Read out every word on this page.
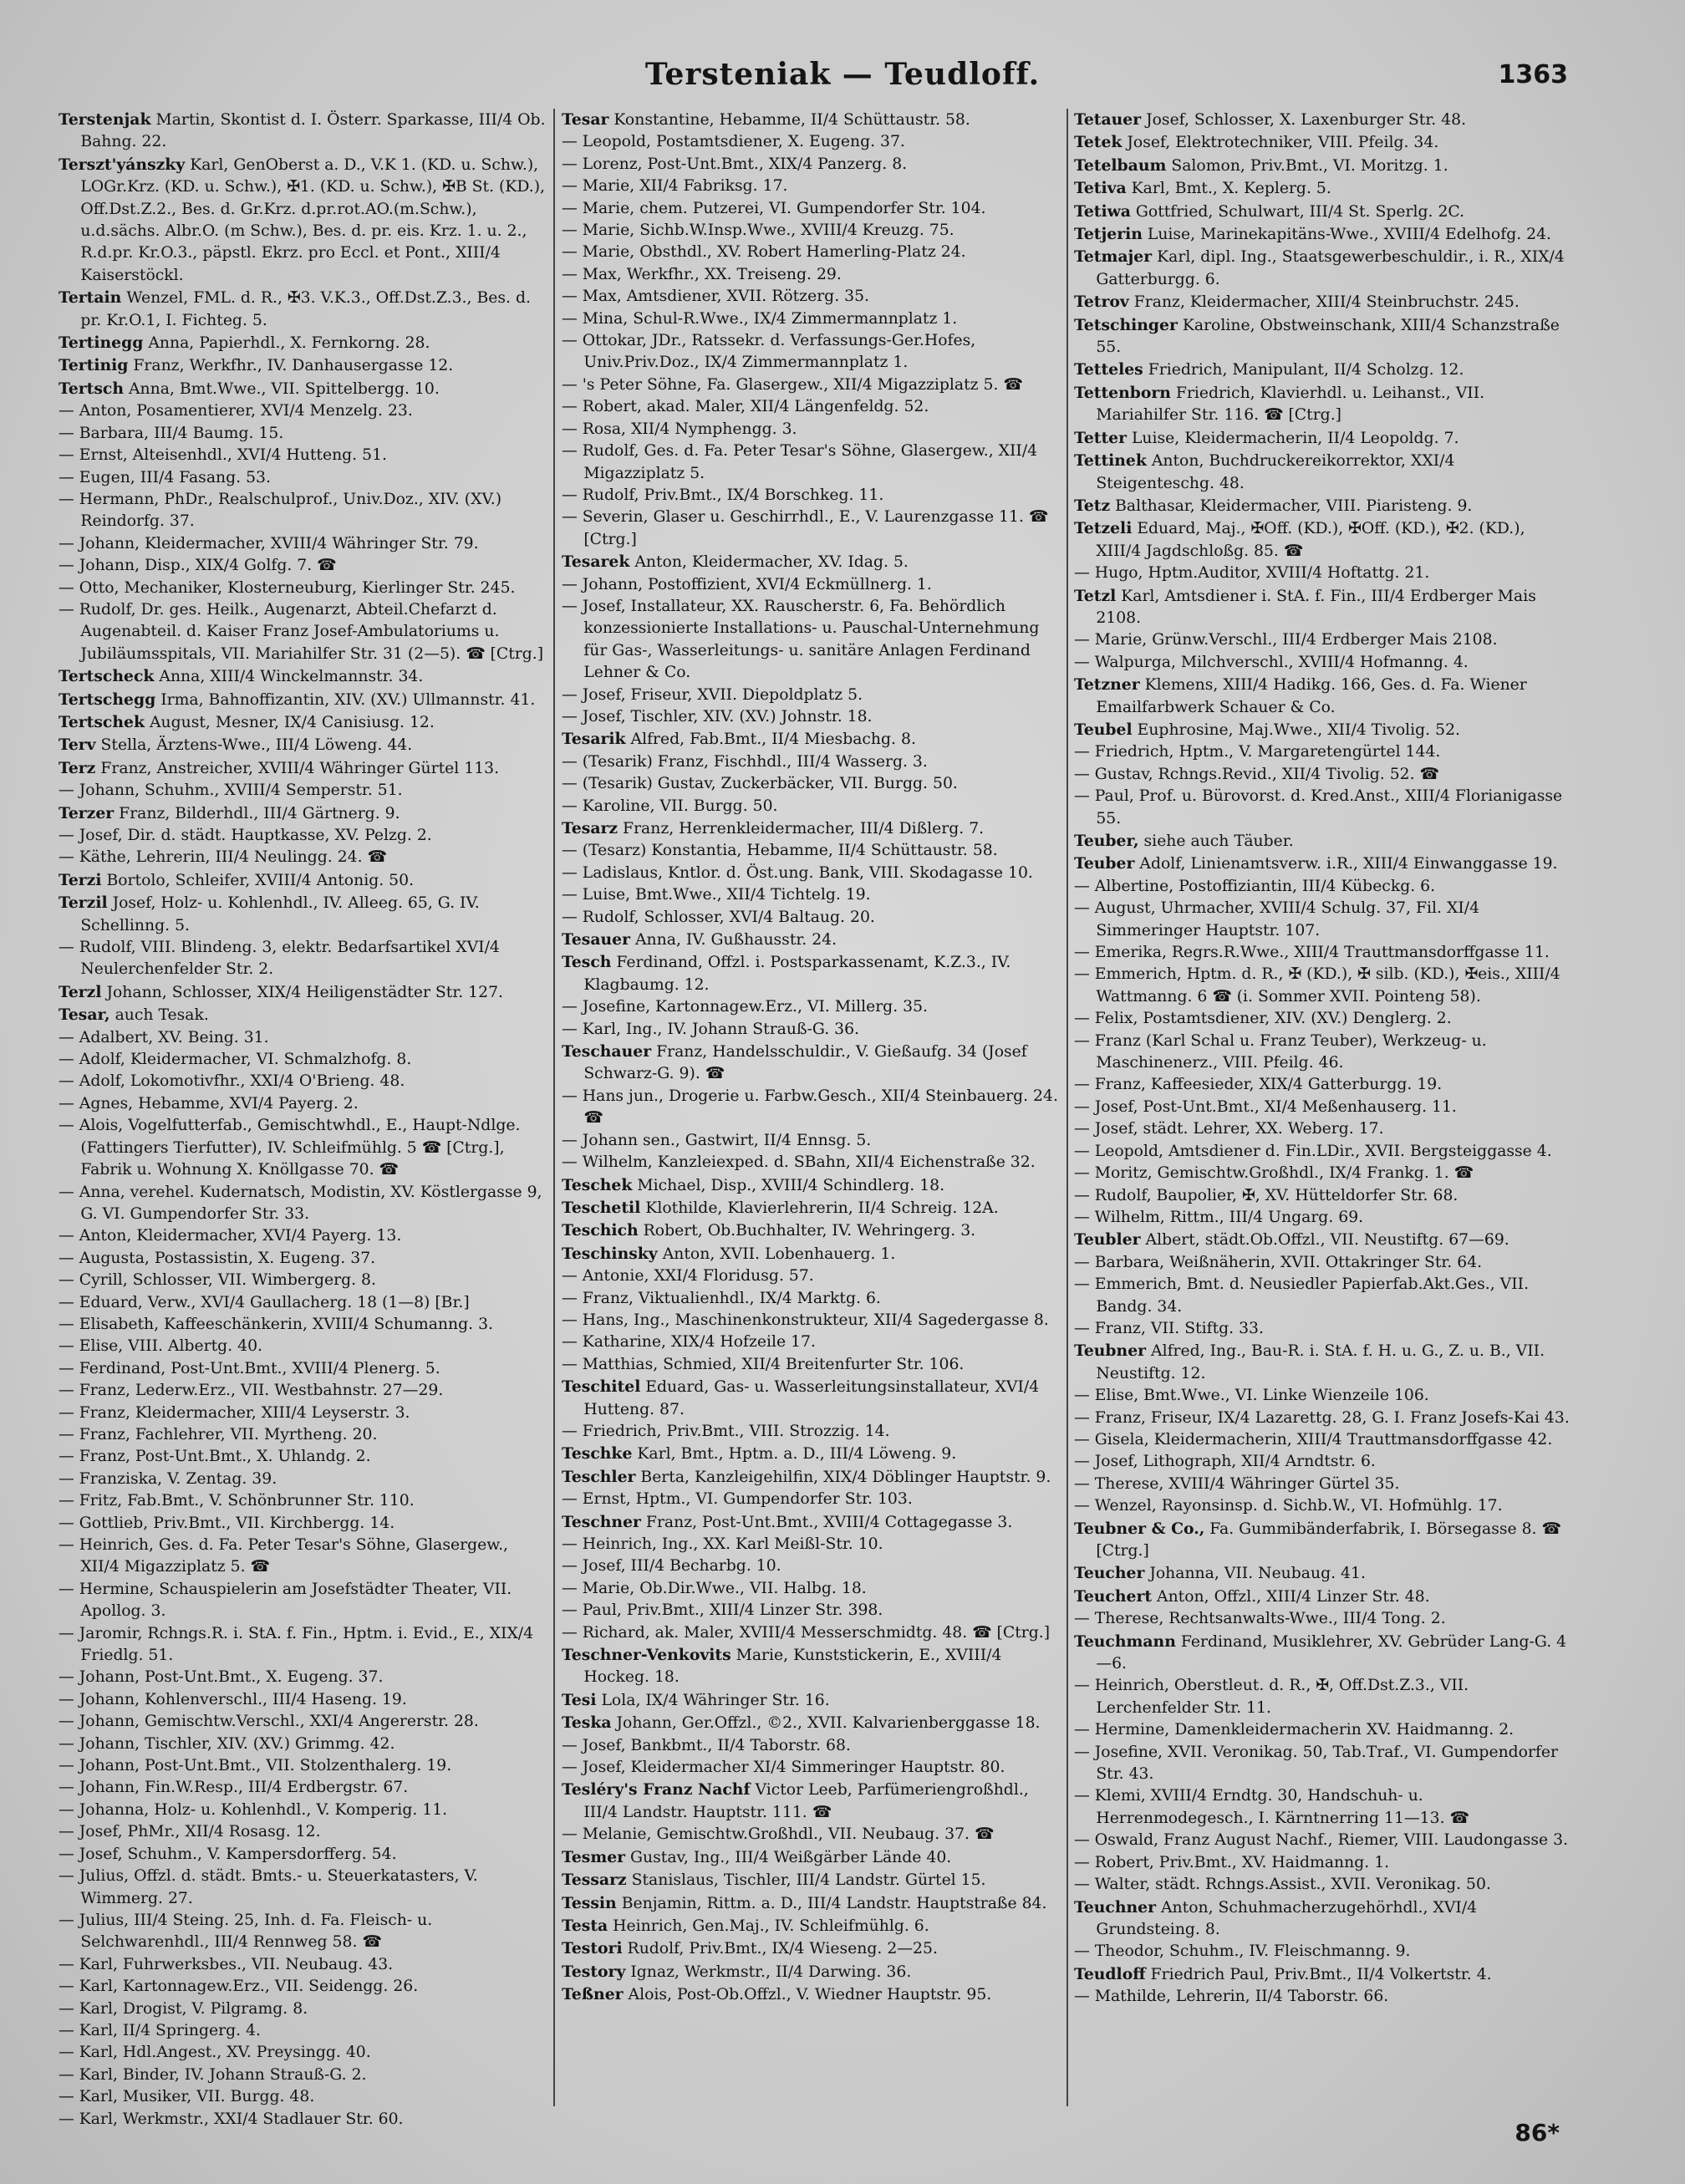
Tersteniak — Teudloff.	1363
Terstenjak Martin, Skontist d. I. Österr. Sparkasse, III/4 Ob. Bahng. 22.
Terszt'yánszky Karl, GenOberst a. D., V.K 1. (KD. u. Schw.), LOGr.Krz. (KD. u. Schw.), ✠1. (KD. u. Schw.), ✠B St. (KD.), Off.Dst.Z.2., Bes. d. Gr.Krz. d.pr.rot.AO.(m.Schw.), u.d.sächs. Albr.O. (m Schw.), Bes. d. pr. eis. Krz. 1. u. 2., R.d.pr. Kr.O.3., päpstl. Ekrz. pro Eccl. et Pont., XIII/4 Kaiserstöckl.
Tertain Wenzel, FML. d. R., ✠3. V.K.3., Off.Dst.Z.3., Bes. d. pr. Kr.O.1, I. Fichteg. 5.
Tertinegg Anna, Papierhdl., X. Fernkorng. 28.
Tertinig Franz, Werkfhr., IV. Danhausergasse 12.
Tertsch Anna, Bmt.Wwe., VII. Spittelbergg. 10.
— Anton, Posamentierer, XVI/4 Menzelg. 23.
— Barbara, III/4 Baumg. 15.
— Ernst, Alteisenhdl., XVI/4 Hutteng. 51.
— Eugen, III/4 Fasang. 53.
— Hermann, PhDr., Realschulprof., Univ.Doz., XIV. (XV.) Reindorfg. 37.
— Johann, Kleidermacher, XVIII/4 Währinger Str. 79.
— Johann, Disp., XIX/4 Golfg. 7. ☎
— Otto, Mechaniker, Klosterneuburg, Kierlinger Str. 245.
— Rudolf, Dr. ges. Heilk., Augenarzt, Abteil.Chefarzt d. Augenabteil. d. Kaiser Franz Josef-Ambulatoriums u. Jubiläumsspitals, VII. Mariahilfer Str. 31 (2—5). ☎ [Ctrg.]
Tertscheck Anna, XIII/4 Winckelmannstr. 34.
Tertschegg Irma, Bahnoffizantin, XIV. (XV.) Ullmannstr. 41.
Tertschek August, Mesner, IX/4 Canisiusg. 12.
Terv Stella, Ärztens-Wwe., III/4 Löweng. 44.
Terz Franz, Anstreicher, XVIII/4 Währinger Gürtel 113.
— Johann, Schuhm., XVIII/4 Semperstr. 51.
Terzer Franz, Bilderhdl., III/4 Gärtnerg. 9.
— Josef, Dir. d. städt. Hauptkasse, XV. Pelzg. 2.
— Käthe, Lehrerin, III/4 Neulingg. 24. ☎
Terzi Bortolo, Schleifer, XVIII/4 Antonig. 50.
Terzil Josef, Holz- u. Kohlenhdl., IV. Alleeg. 65, G. IV. Schellinng. 5.
— Rudolf, VIII. Blindeng. 3, elektr. Bedarfsartikel XVI/4 Neulerchenfelder Str. 2.
Terzl Johann, Schlosser, XIX/4 Heiligenstädter Str. 127.
Tesar, auch Tesak.
— Adalbert, XV. Being. 31.
— Adolf, Kleidermacher, VI. Schmalzhofg. 8.
— Adolf, Lokomotivfhr., XXI/4 O'Brieng. 48.
— Agnes, Hebamme, XVI/4 Payerg. 2.
— Alois, Vogelfutterfab., Gemischtwhdl., E., Haupt-Ndlge. (Fattingers Tierfutter), IV. Schleifmühlg. 5 ☎ [Ctrg.], Fabrik u. Wohnung X. Knöllgasse 70. ☎
— Anna, verehel. Kudernatsch, Modistin, XV. Köstlergasse 9, G. VI. Gumpendorfer Str. 33.
— Anton, Kleidermacher, XVI/4 Payerg. 13.
— Augusta, Postassistin, X. Eugeng. 37.
— Cyrill, Schlosser, VII. Wimbergerg. 8.
— Eduard, Verw., XVI/4 Gaullacherg. 18 (1—8) [Br.]
— Elisabeth, Kaffeeschänkerin, XVIII/4 Schumanng. 3.
— Elise, VIII. Albertg. 40.
— Ferdinand, Post-Unt.Bmt., XVIII/4 Plenerg. 5.
— Franz, Lederw.Erz., VII. Westbahnstr. 27—29.
— Franz, Kleidermacher, XIII/4 Leyserstr. 3.
— Franz, Fachlehrer, VII. Myrtheng. 20.
— Franz, Post-Unt.Bmt., X. Uhlandg. 2.
— Franziska, V. Zentag. 39.
— Fritz, Fab.Bmt., V. Schönbrunner Str. 110.
— Gottlieb, Priv.Bmt., VII. Kirchbergg. 14.
— Heinrich, Ges. d. Fa. Peter Tesar's Söhne, Glasergew., XII/4 Migazziplatz 5. ☎
— Hermine, Schauspielerin am Josefstädter Theater, VII. Apollog. 3.
— Jaromir, Rchngs.R. i. StA. f. Fin., Hptm. i. Evid., E., XIX/4 Friedlg. 51.
— Johann, Post-Unt.Bmt., X. Eugeng. 37.
— Johann, Kohlenverschl., III/4 Haseng. 19.
— Johann, Gemischtw.Verschl., XXI/4 Angererstr. 28.
— Johann, Tischler, XIV. (XV.) Grimmg. 42.
— Johann, Post-Unt.Bmt., VII. Stolzenthalerg. 19.
— Johann, Fin.W.Resp., III/4 Erdbergstr. 67.
— Johanna, Holz- u. Kohlenhdl., V. Komperig. 11.
— Josef, PhMr., XII/4 Rosasg. 12.
— Josef, Schuhm., V. Kampersdorfferg. 54.
— Julius, Offzl. d. städt. Bmts.- u. Steuerkatasters, V. Wimmerg. 27.
— Julius, III/4 Steing. 25, Inh. d. Fa. Fleisch- u. Selchwarenhdl., III/4 Rennweg 58. ☎
— Karl, Fuhrwerksbes., VII. Neubaug. 43.
— Karl, Kartonnagew.Erz., VII. Seidengg. 26.
— Karl, Drogist, V. Pilgramg. 8.
— Karl, II/4 Springerg. 4.
— Karl, Hdl.Angest., XV. Preysingg. 40.
— Karl, Binder, IV. Johann Strauß-G. 2.
— Karl, Musiker, VII. Burgg. 48.
— Karl, Werkmstr., XXI/4 Stadlauer Str. 60.
Tesar Konstantine, Hebamme, II/4 Schüttaustr. 58.
— Leopold, Postamtsdiener, X. Eugeng. 37.
— Lorenz, Post-Unt.Bmt., XIX/4 Panzerg. 8.
— Marie, XII/4 Fabriksg. 17.
— Marie, chem. Putzerei, VI. Gumpendorfer Str. 104.
— Marie, Sichb.W.Insp.Wwe., XVIII/4 Kreuzg. 75.
— Marie, Obsthdl., XV. Robert Hamerling-Platz 24.
— Max, Werkfhr., XX. Treiseng. 29.
— Max, Amtsdiener, XVII. Rötzerg. 35.
— Mina, Schul-R.Wwe., IX/4 Zimmermannplatz 1.
— Ottokar, JDr., Ratssekr. d. Verfassungs-Ger.Hofes, Univ.Priv.Doz., IX/4 Zimmermannplatz 1.
— 's Peter Söhne, Fa. Glasergew., XII/4 Migazziplatz 5. ☎
— Robert, akad. Maler, XII/4 Längenfeldg. 52.
— Rosa, XII/4 Nymphengg. 3.
— Rudolf, Ges. d. Fa. Peter Tesar's Söhne, Glasergew., XII/4 Migazziplatz 5.
— Rudolf, Priv.Bmt., IX/4 Borschkeg. 11.
— Severin, Glaser u. Geschirrhdl., E., V. Laurenzgasse 11. ☎ [Ctrg.]
Tesarek Anton, Kleidermacher, XV. Idag. 5.
— Johann, Postoffizient, XVI/4 Eckmüllnerg. 1.
— Josef, Installateur, XX. Rauscherstr. 6, Fa. Behördlich konzessionierte Installations- u. Pauschal-Unternehmung für Gas-, Wasserleitungs- u. sanitäre Anlagen Ferdinand Lehner & Co.
— Josef, Friseur, XVII. Diepoldplatz 5.
— Josef, Tischler, XIV. (XV.) Johnstr. 18.
Tesarik Alfred, Fab.Bmt., II/4 Miesbachg. 8.
— (Tesarik) Franz, Fischhdl., III/4 Wasserg. 3.
— (Tesarik) Gustav, Zuckerbäcker, VII. Burgg. 50.
— Karoline, VII. Burgg. 50.
Tesarz Franz, Herrenkleidermacher, III/4 Dißlerg. 7.
— (Tesarz) Konstantia, Hebamme, II/4 Schüttaustr. 58.
— Ladislaus, Kntlor. d. Öst.ung. Bank, VIII. Skodagasse 10.
— Luise, Bmt.Wwe., XII/4 Tichtelg. 19.
— Rudolf, Schlosser, XVI/4 Baltaug. 20.
Tesauer Anna, IV. Gußhausstr. 24.
Tesch Ferdinand, Offzl. i. Postsparkassenamt, K.Z.3., IV. Klagbaumg. 12.
— Josefine, Kartonnagew.Erz., VI. Millerg. 35.
— Karl, Ing., IV. Johann Strauß-G. 36.
Teschauer Franz, Handelsschuldir., V. Gießaufg. 34 (Josef Schwarz-G. 9). ☎
— Hans jun., Drogerie u. Farbw.Gesch., XII/4 Steinbauerg. 24. ☎
— Johann sen., Gastwirt, II/4 Ennsg. 5.
— Wilhelm, Kanzleiexped. d. SBahn, XII/4 Eichenstraße 32.
Teschek Michael, Disp., XVIII/4 Schindlerg. 18.
Teschetil Klothilde, Klavierlehrerin, II/4 Schreig. 12A.
Teschich Robert, Ob.Buchhalter, IV. Wehringerg. 3.
Teschinsky Anton, XVII. Lobenhauerg. 1.
— Antonie, XXI/4 Floridusg. 57.
— Franz, Viktualienhdl., IX/4 Marktg. 6.
— Hans, Ing., Maschinenkonstrukteur, XII/4 Sagedergasse 8.
— Katharine, XIX/4 Hofzeile 17.
— Matthias, Schmied, XII/4 Breitenfurter Str. 106.
Teschitel Eduard, Gas- u. Wasserleitungsinstallateur, XVI/4 Hutteng. 87.
— Friedrich, Priv.Bmt., VIII. Strozzig. 14.
Teschke Karl, Bmt., Hptm. a. D., III/4 Löweng. 9.
Teschler Berta, Kanzleigehilfin, XIX/4 Döblinger Hauptstr. 9.
— Ernst, Hptm., VI. Gumpendorfer Str. 103.
Teschner Franz, Post-Unt.Bmt., XVIII/4 Cottagegasse 3.
— Heinrich, Ing., XX. Karl Meißl-Str. 10.
— Josef, III/4 Becharbg. 10.
— Marie, Ob.Dir.Wwe., VII. Halbg. 18.
— Paul, Priv.Bmt., XIII/4 Linzer Str. 398.
— Richard, ak. Maler, XVIII/4 Messerschmidtg. 48. ☎ [Ctrg.]
Teschner-Venkovits Marie, Kunststickerin, E., XVIII/4 Hockeg. 18.
Tesi Lola, IX/4 Währinger Str. 16.
Teska Johann, Ger.Offzl., ©2., XVII. Kalvarienberggasse 18.
— Josef, Bankbmt., II/4 Taborstr. 68.
— Josef, Kleidermacher XI/4 Simmeringer Hauptstr. 80.
Tesléry's Franz Nachf Victor Leeb, Parfümeriengroßhdl., III/4 Landstr. Hauptstr. 111. ☎
— Melanie, Gemischtw.Großhdl., VII. Neubaug. 37. ☎
Tesmer Gustav, Ing., III/4 Weißgärber Lände 40.
Tessarz Stanislaus, Tischler, III/4 Landstr. Gürtel 15.
Tessin Benjamin, Rittm. a. D., III/4 Landstr. Hauptstraße 84.
Testa Heinrich, Gen.Maj., IV. Schleifmühlg. 6.
Testori Rudolf, Priv.Bmt., IX/4 Wieseng. 2—25.
Testory Ignaz, Werkmstr., II/4 Darwing. 36.
Teßner Alois, Post-Ob.Offzl., V. Wiedner Hauptstr. 95.
Tetauer Josef, Schlosser, X. Laxenburger Str. 48.
Tetek Josef, Elektrotechniker, VIII. Pfeilg. 34.
Tetelbaum Salomon, Priv.Bmt., VI. Moritzg. 1.
Tetiva Karl, Bmt., X. Keplerg. 5.
Tetiwa Gottfried, Schulwart, III/4 St. Sperlg. 2C.
Tetjerin Luise, Marinekapitäns-Wwe., XVIII/4 Edelhofg. 24.
Tetmajer Karl, dipl. Ing., Staatsgewerbeschuldir., i. R., XIX/4 Gatterburgg. 6.
Tetrov Franz, Kleidermacher, XIII/4 Steinbruchstr. 245.
Tetschinger Karoline, Obstweinschank, XIII/4 Schanzstraße 55.
Tetteles Friedrich, Manipulant, II/4 Scholzg. 12.
Tettenborn Friedrich, Klavierhdl. u. Leihanst., VII. Mariahilfer Str. 116. ☎ [Ctrg.]
Tetter Luise, Kleidermacherin, II/4 Leopoldg. 7.
Tettinek Anton, Buchdruckereikorrektor, XXI/4 Steigenteschg. 48.
Tetz Balthasar, Kleidermacher, VIII. Piaristeng. 9.
Tetzeli Eduard, Maj., ✠Off. (KD.), ✠Off. (KD.), ✠2. (KD.), XIII/4 Jagdschloßg. 85. ☎
— Hugo, Hptm.Auditor, XVIII/4 Hoftattg. 21.
Tetzl Karl, Amtsdiener i. StA. f. Fin., III/4 Erdberger Mais 2108.
— Marie, Grünw.Verschl., III/4 Erdberger Mais 2108.
— Walpurga, Milchverschl., XVIII/4 Hofmanng. 4.
Tetzner Klemens, XIII/4 Hadikg. 166, Ges. d. Fa. Wiener Emailfarbwerk Schauer & Co.
Teubel Euphrosine, Maj.Wwe., XII/4 Tivolig. 52.
— Friedrich, Hptm., V. Margaretengürtel 144.
— Gustav, Rchngs.Revid., XII/4 Tivolig. 52. ☎
— Paul, Prof. u. Bürovorst. d. Kred.Anst., XIII/4 Florianigasse 55.
Teuber, siehe auch Täuber.
Teuber Adolf, Linienamtsverw. i.R., XIII/4 Einwanggasse 19.
— Albertine, Postoffiziantin, III/4 Kübeckg. 6.
— August, Uhrmacher, XVIII/4 Schulg. 37, Fil. XI/4 Simmeringer Hauptstr. 107.
— Emerika, Regrs.R.Wwe., XIII/4 Trauttmansdorffgasse 11.
— Emmerich, Hptm. d. R., ✠ (KD.), ✠ silb. (KD.), ✠eis., XIII/4 Wattmanng. 6 ☎ (i. Sommer XVII. Pointeng 58).
— Felix, Postamtsdiener, XIV. (XV.) Denglerg. 2.
— Franz (Karl Schal u. Franz Teuber), Werkzeug- u. Maschinenerz., VIII. Pfeilg. 46.
— Franz, Kaffeesieder, XIX/4 Gatterburgg. 19.
— Josef, Post-Unt.Bmt., XI/4 Meßenhauserg. 11.
— Josef, städt. Lehrer, XX. Weberg. 17.
— Leopold, Amtsdiener d. Fin.LDir., XVII. Bergsteiggasse 4.
— Moritz, Gemischtw.Großhdl., IX/4 Frankg. 1. ☎
— Rudolf, Baupolier, ✠, XV. Hütteldorfer Str. 68.
— Wilhelm, Rittm., III/4 Ungarg. 69.
Teubler Albert, städt.Ob.Offzl., VII. Neustiftg. 67—69.
— Barbara, Weißnäherin, XVII. Ottakringer Str. 64.
— Emmerich, Bmt. d. Neusiedler Papierfab.Akt.Ges., VII. Bandg. 34.
— Franz, VII. Stiftg. 33.
Teubner Alfred, Ing., Bau-R. i. StA. f. H. u. G., Z. u. B., VII. Neustiftg. 12.
— Elise, Bmt.Wwe., VI. Linke Wienzeile 106.
— Franz, Friseur, IX/4 Lazarettg. 28, G. I. Franz Josefs-Kai 43.
— Gisela, Kleidermacherin, XIII/4 Trauttmansdorffgasse 42.
— Josef, Lithograph, XII/4 Arndtstr. 6.
— Therese, XVIII/4 Währinger Gürtel 35.
— Wenzel, Rayonsinsp. d. Sichb.W., VI. Hofmühlg. 17.
Teubner & Co., Fa. Gummibänderfabrik, I. Börsegasse 8. ☎ [Ctrg.]
Teucher Johanna, VII. Neubaug. 41.
Teuchert Anton, Offzl., XIII/4 Linzer Str. 48.
— Therese, Rechtsanwalts-Wwe., III/4 Tong. 2.
Teuchmann Ferdinand, Musiklehrer, XV. Gebrüder Lang-G. 4—6.
— Heinrich, Oberstleut. d. R., ✠, Off.Dst.Z.3., VII. Lerchenfelder Str. 11.
— Hermine, Damenkleidermacherin XV. Haidmanng. 2.
— Josefine, XVII. Veronikag. 50, Tab.Traf., VI. Gumpendorfer Str. 43.
— Klemi, XVIII/4 Erndtg. 30, Handschuh- u. Herrenmodegesch., I. Kärntnerring 11—13. ☎
— Oswald, Franz August Nachf., Riemer, VIII. Laudongasse 3.
— Robert, Priv.Bmt., XV. Haidmanng. 1.
— Walter, städt. Rchngs.Assist., XVII. Veronikag. 50.
Teuchner Anton, Schuhmacherzugehörhdl., XVI/4 Grundsteing. 8.
— Theodor, Schuhm., IV. Fleischmanng. 9.
Teudloff Friedrich Paul, Priv.Bmt., II/4 Volkertstr. 4.
— Mathilde, Lehrerin, II/4 Taborstr. 66.
86*
